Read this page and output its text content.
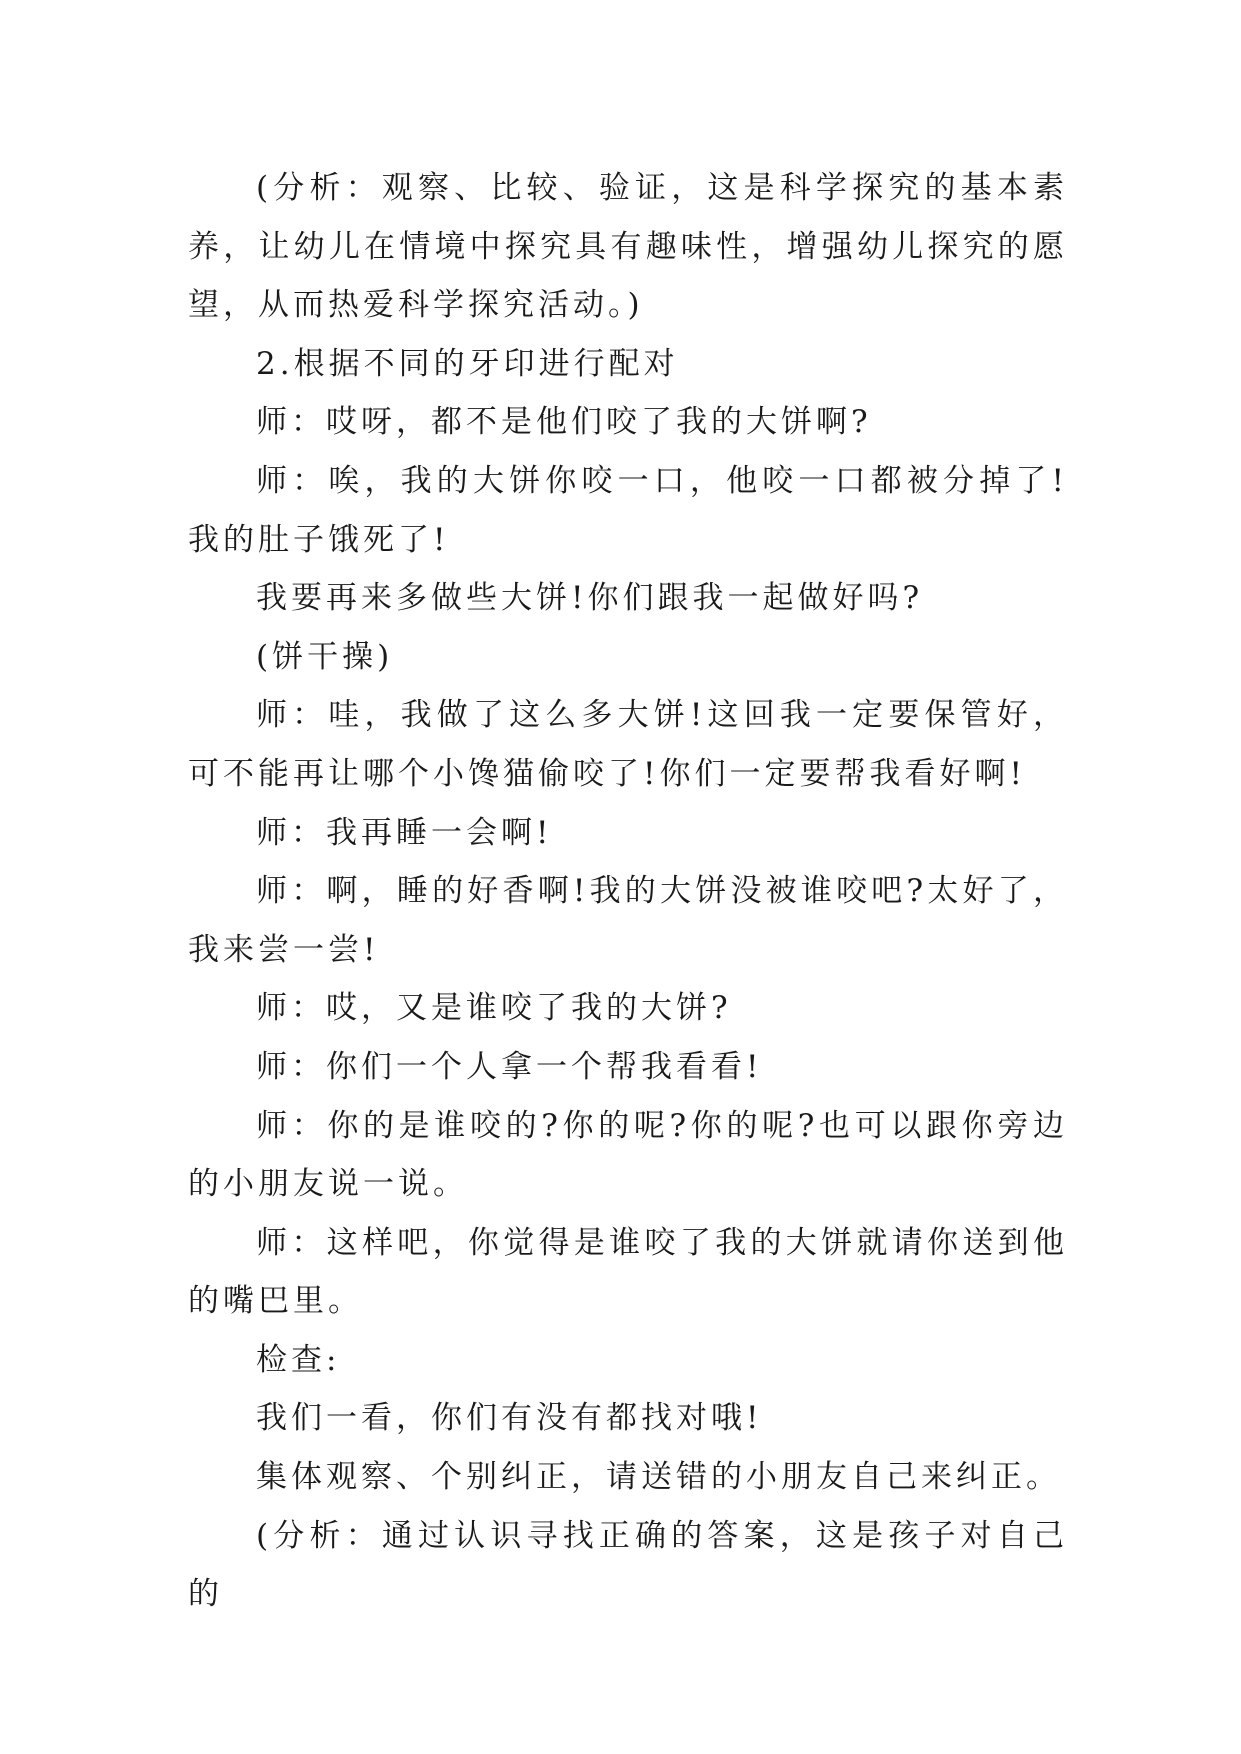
(分析：观察、比较、验证，这是科学探究的基本素养，让幼儿在情境中探究具有趣味性，增强幼儿探究的愿望，从而热爱科学探究活动。)

2.根据不同的牙印进行配对

师：哎呀，都不是他们咬了我的大饼啊?

师：唉，我的大饼你咬一口，他咬一口都被分掉了!我的肚子饿死了!

我要再来多做些大饼!你们跟我一起做好吗?

(饼干操)

师：哇，我做了这么多大饼!这回我一定要保管好，可不能再让哪个小馋猫偷咬了!你们一定要帮我看好啊!

师：我再睡一会啊!

师：啊，睡的好香啊!我的大饼没被谁咬吧?太好了，我来尝一尝!

师：哎，又是谁咬了我的大饼?

师：你们一个人拿一个帮我看看!

师：你的是谁咬的?你的呢?你的呢?也可以跟你旁边的小朋友说一说。

师：这样吧，你觉得是谁咬了我的大饼就请你送到他的嘴巴里。

检查:

我们一看，你们有没有都找对哦!

集体观察、个别纠正，请送错的小朋友自己来纠正。

(分析：通过认识寻找正确的答案，这是孩子对自己的
